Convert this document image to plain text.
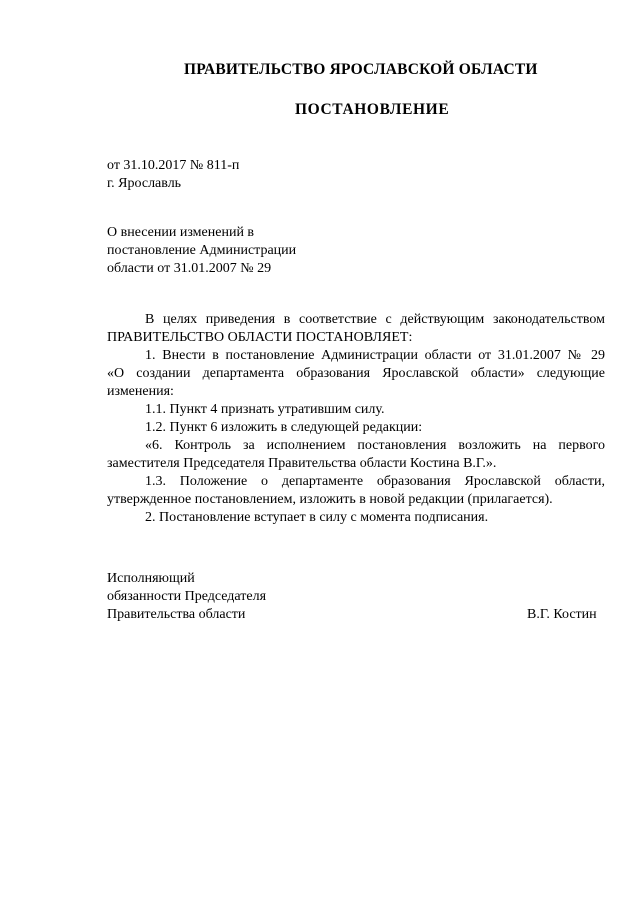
ПРАВИТЕЛЬСТВО ЯРОСЛАВСКОЙ ОБЛАСТИ
ПОСТАНОВЛЕНИЕ
от 31.10.2017 № 811-п
г. Ярославль
О внесении изменений в
постановление Администрации
области от 31.01.2007 № 29

В целях приведения в соответствие с действующим законодательством

ПРАВИТЕЛЬСТВО ОБЛАСТИ ПОСТАНОВЛЯЕТ:

1. Внести в постановление Администрации области от 31.01.2007 № 29

«О создании департамента образования Ярославской области» следующие

изменения:

1.1. Пункт 4 признать утратившим силу.

1.2. Пункт 6 изложить в следующей редакции:

«6. Контроль за исполнением постановления возложить на первого

заместителя Председателя Правительства области Костина В.Г.».

1.3. Положение о департаменте образования Ярославской области,

утвержденное постановлением, изложить в новой редакции (прилагается).

2. Постановление вступает в силу с момента подписания.

Исполняющий
обязанности Председателя
Правительства области	В.Г. Костин
